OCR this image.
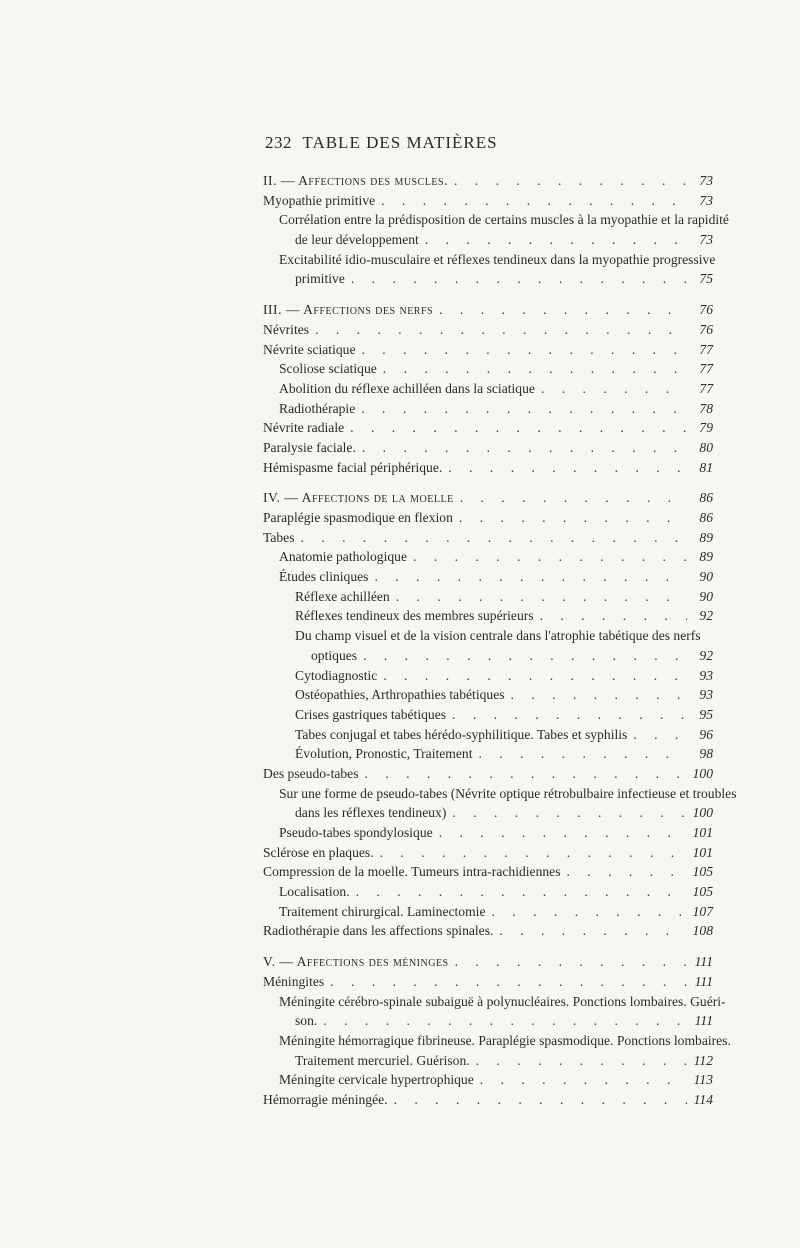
232 TABLE DES MATIÈRES
II. — Affections des muscles. . . .	73
Myopathie primitive . . .	73
Corrélation entre la prédisposition de certains muscles à la myopathie et la rapidité
de leur développement . . .	73
Excitabilité idio-musculaire et réflexes tendineux dans la myopathie progressive
primitive . . .	75
III. — Affections des nerfs . . .	76
Névrites . . .	76
Névrite sciatique . . .	77
Scoliose sciatique . . .	77
Abolition du réflexe achilléen dans la sciatique . . .	77
Radiothérapie . . .	78
Névrite radiale . . .	79
Paralysie faciale. . . .	80
Hémispasme facial périphérique. . . .	81
IV. — Affections de la moelle . . .	86
Paraplégie spasmodique en flexion . . .	86
Tabes . . .	89
Anatomie pathologique . . .	89
Études cliniques . . .	90
Réflexe achilléen . . .	90
Réflexes tendineux des membres supérieurs . . .	92
Du champ visuel et de la vision centrale dans l'atrophie tabétique des nerfs
optiques . . .	92
Cytodiagnostic . . .	93
Ostéopathies, Arthropathies tabétiques . . .	93
Crises gastriques tabétiques . . .	95
Tabes conjugal et tabes hérédo-syphilitique. Tabes et syphilis . . .	96
Évolution, Pronostic, Traitement . . .	98
Des pseudo-tabes . . .	100
Sur une forme de pseudo-tabes (Névrite optique rétrobulbaire infectieuse et troubles
dans les réflexes tendineux) . . .	100
Pseudo-tabes spondylosique . . .	101
Sclérose en plaques. . . .	101
Compression de la moelle. Tumeurs intra-rachidiennes . . .	105
Localisation. . . .	105
Traitement chirurgical. Laminectomie . . .	107
Radiothérapie dans les affections spinales. . . .	108
V. — Affections des méninges . . .	111
Méningites . . .	111
Méningite cérébro-spinale subaiguë à polynucléaires. Ponctions lombaires. Guéri-
son. . . .	111
Méningite hémorragique fibrineuse. Paraplégie spasmodique. Ponctions lombaires.
Traitement mercuriel. Guérison. . . .	112
Méningite cervicale hypertrophique . . .	113
Hémorragie méningée. . . .	114
